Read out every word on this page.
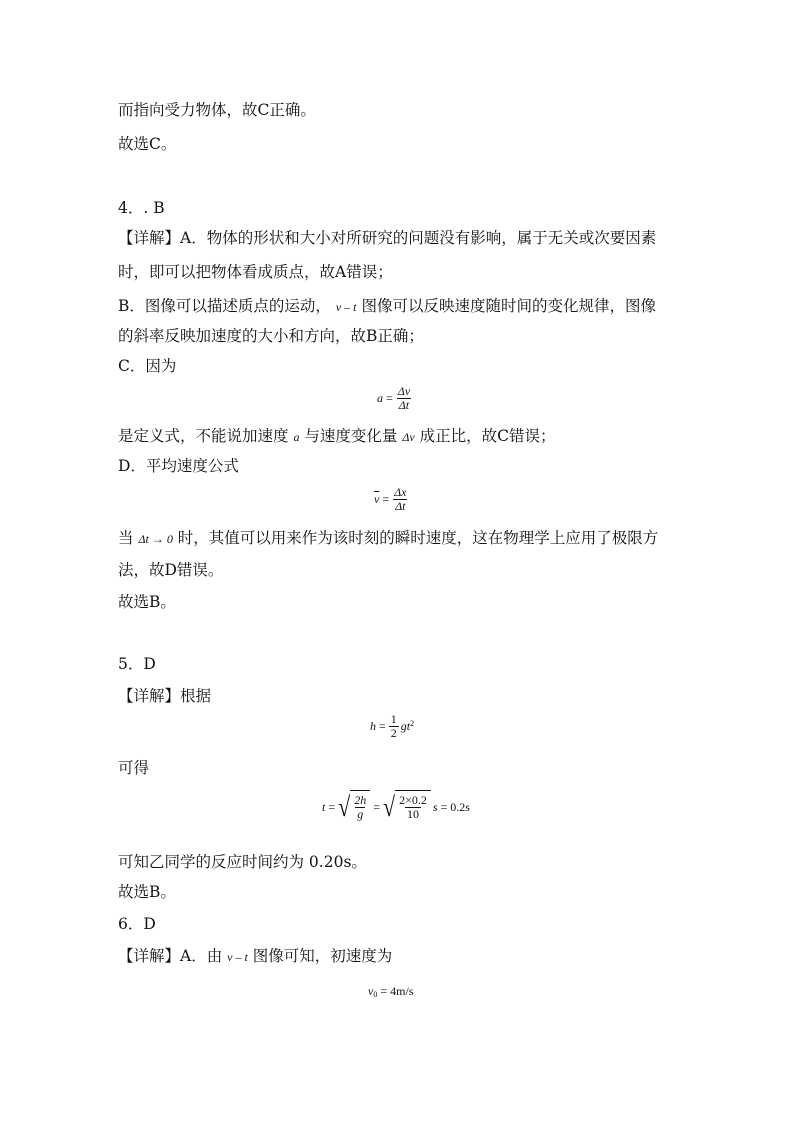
而指向受力物体，故C正确。
故选C。
4．. B
【详解】A．物体的形状和大小对所研究的问题没有影响，属于无关或次要因素
时，即可以把物体看成质点，故A错误；
B．图像可以描述质点的运动， v – t 图像可以反映速度随时间的变化规律，图像
的斜率反映加速度的大小和方向，故B正确；
C．因为
$a = \frac{\Delta v}{\Delta t}$
是定义式，不能说加速度 a 与速度变化量 Δv 成正比，故C错误；
D．平均速度公式
$\overline{v} = \frac{\Delta x}{\Delta t}$
当 Δt → 0 时，其值可以用来作为该时刻的瞬时速度，这在物理学上应用了极限方
法，故D错误。
故选B。
5．D
【详解】根据
$h = \frac{1}{2} gt^2$
可得
t = √ $\frac{2h}{g}$ = √ $\frac{2\times 0.2}{10}$ s = 0.2s
可知乙同学的反应时间约为 0.20s。
故选B。
6．D
【详解】A．由 v – t 图像可知，初速度为
$v_0 = 4m/s$
